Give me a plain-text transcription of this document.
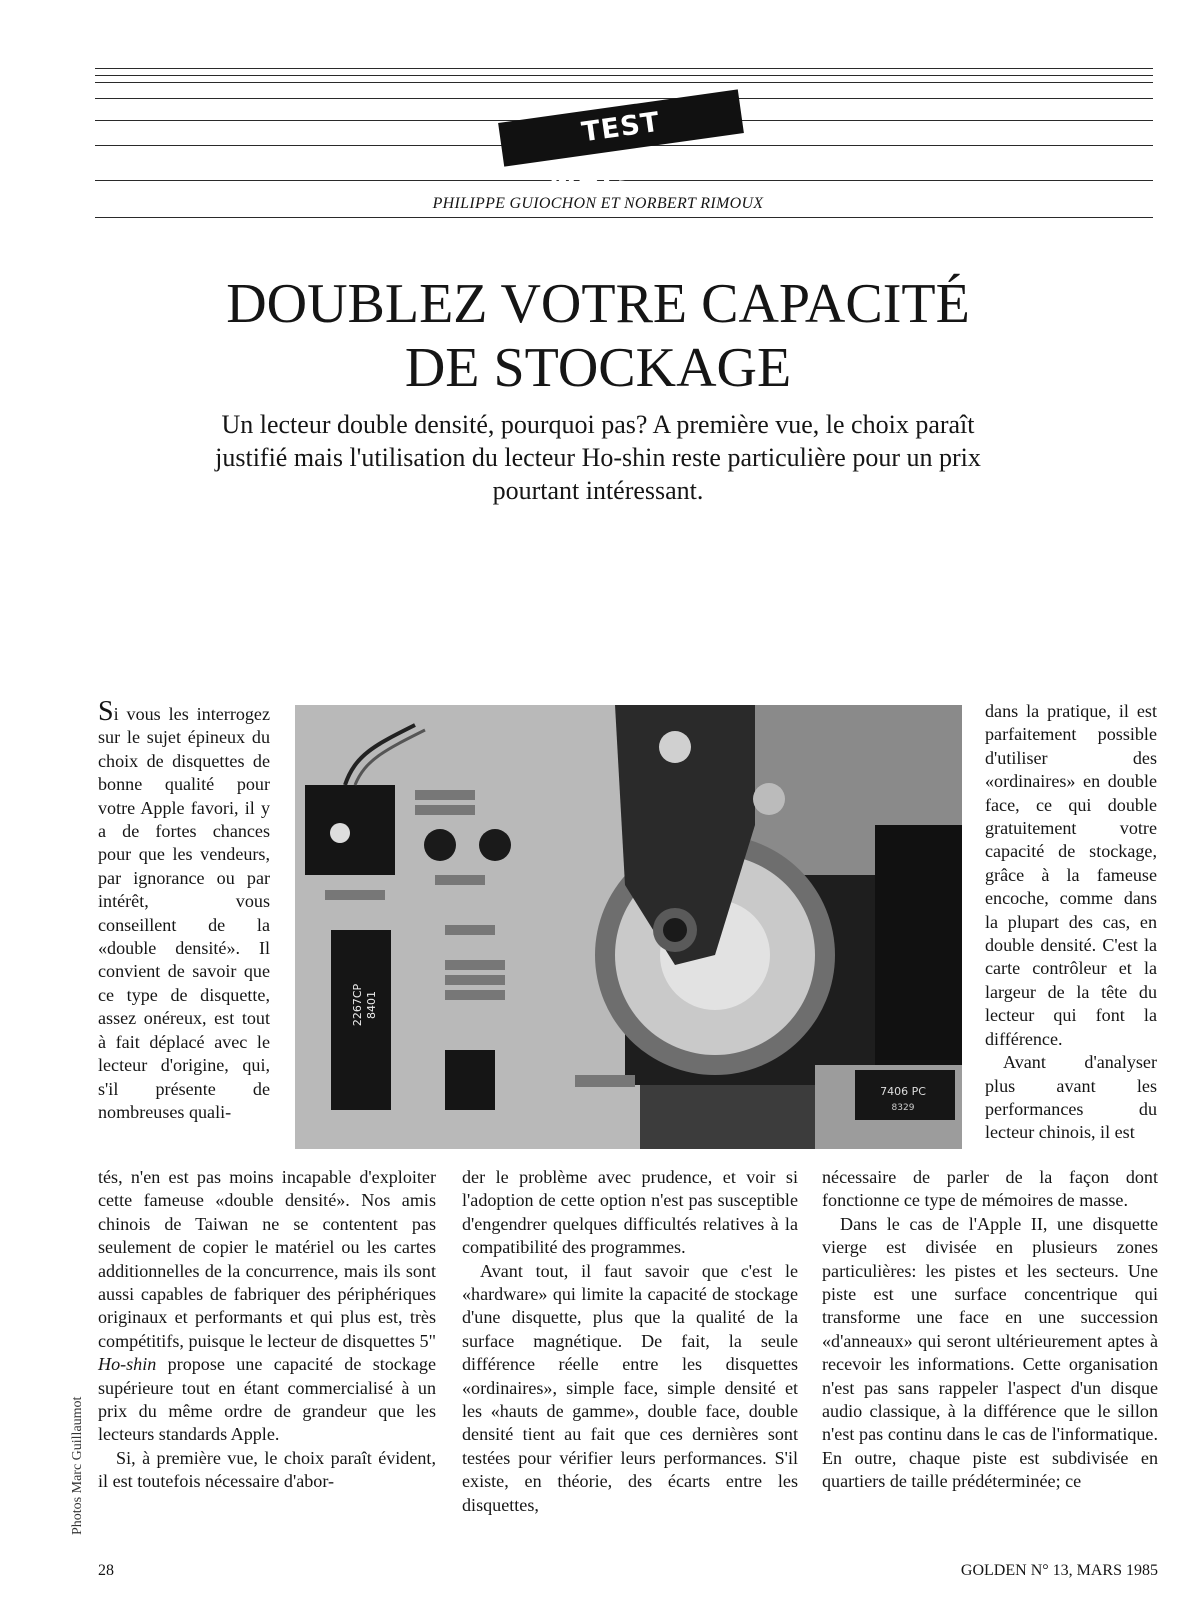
TEST MATÉRIEL
PHILIPPE GUIOCHON ET NORBERT RIMOUX
DOUBLEZ VOTRE CAPACITÉ
DE STOCKAGE

Un lecteur double densité, pourquoi pas? A première vue, le choix paraît justifié mais l'utilisation du lecteur Ho-shin reste particulière pour un prix pourtant intéressant.

Si vous les interrogez sur le sujet épineux du choix de disquettes de bonne qualité pour votre Apple favori, il y a de fortes chances pour que les vendeurs, par ignorance ou par intérêt, vous conseillent de la «double densité». Il convient de savoir que ce type de disquette, assez onéreux, est tout à fait déplacé avec le lecteur d'origine, qui, s'il présente de nombreuses quali-

7406 PC
8329
2267CP 8401

dans la pratique, il est parfaitement possible d'utiliser des «ordinaires» en double face, ce qui double gratuitement votre capacité de stockage, grâce à la fameuse encoche, comme dans la plupart des cas, en double densité. C'est la carte contrôleur et la largeur de la tête du lecteur qui font la différence.

Avant d'analyser plus avant les performances du lecteur chinois, il est

tés, n'en est pas moins incapable d'exploiter cette fameuse «double densité». Nos amis chinois de Taiwan ne se contentent pas seulement de copier le matériel ou les cartes additionnelles de la concurrence, mais ils sont aussi capables de fabriquer des périphériques originaux et performants et qui plus est, très compétitifs, puisque le lecteur de disquettes 5" Ho-shin propose une capacité de stockage supérieure tout en étant commercialisé à un prix du même ordre de grandeur que les lecteurs standards Apple.

Si, à première vue, le choix paraît évident, il est toutefois nécessaire d'abor-

der le problème avec prudence, et voir si l'adoption de cette option n'est pas susceptible d'engendrer quelques difficultés relatives à la compatibilité des programmes.

Avant tout, il faut savoir que c'est le «hardware» qui limite la capacité de stockage d'une disquette, plus que la qualité de la surface magnétique. De fait, la seule différence réelle entre les disquettes «ordinaires», simple face, simple densité et les «hauts de gamme», double face, double densité tient au fait que ces dernières sont testées pour vérifier leurs performances. S'il existe, en théorie, des écarts entre les disquettes,

nécessaire de parler de la façon dont fonctionne ce type de mémoires de masse.

Dans le cas de l'Apple II, une disquette vierge est divisée en plusieurs zones particulières: les pistes et les secteurs. Une piste est une surface concentrique qui transforme une face en une succession «d'anneaux» qui seront ultérieurement aptes à recevoir les informations. Cette organisation n'est pas sans rappeler l'aspect d'un disque audio classique, à la différence que le sillon n'est pas continu dans le cas de l'informatique. En outre, chaque piste est subdivisée en quartiers de taille prédéterminée; ce

Photos Marc Guillaumot
28	GOLDEN N° 13, MARS 1985
